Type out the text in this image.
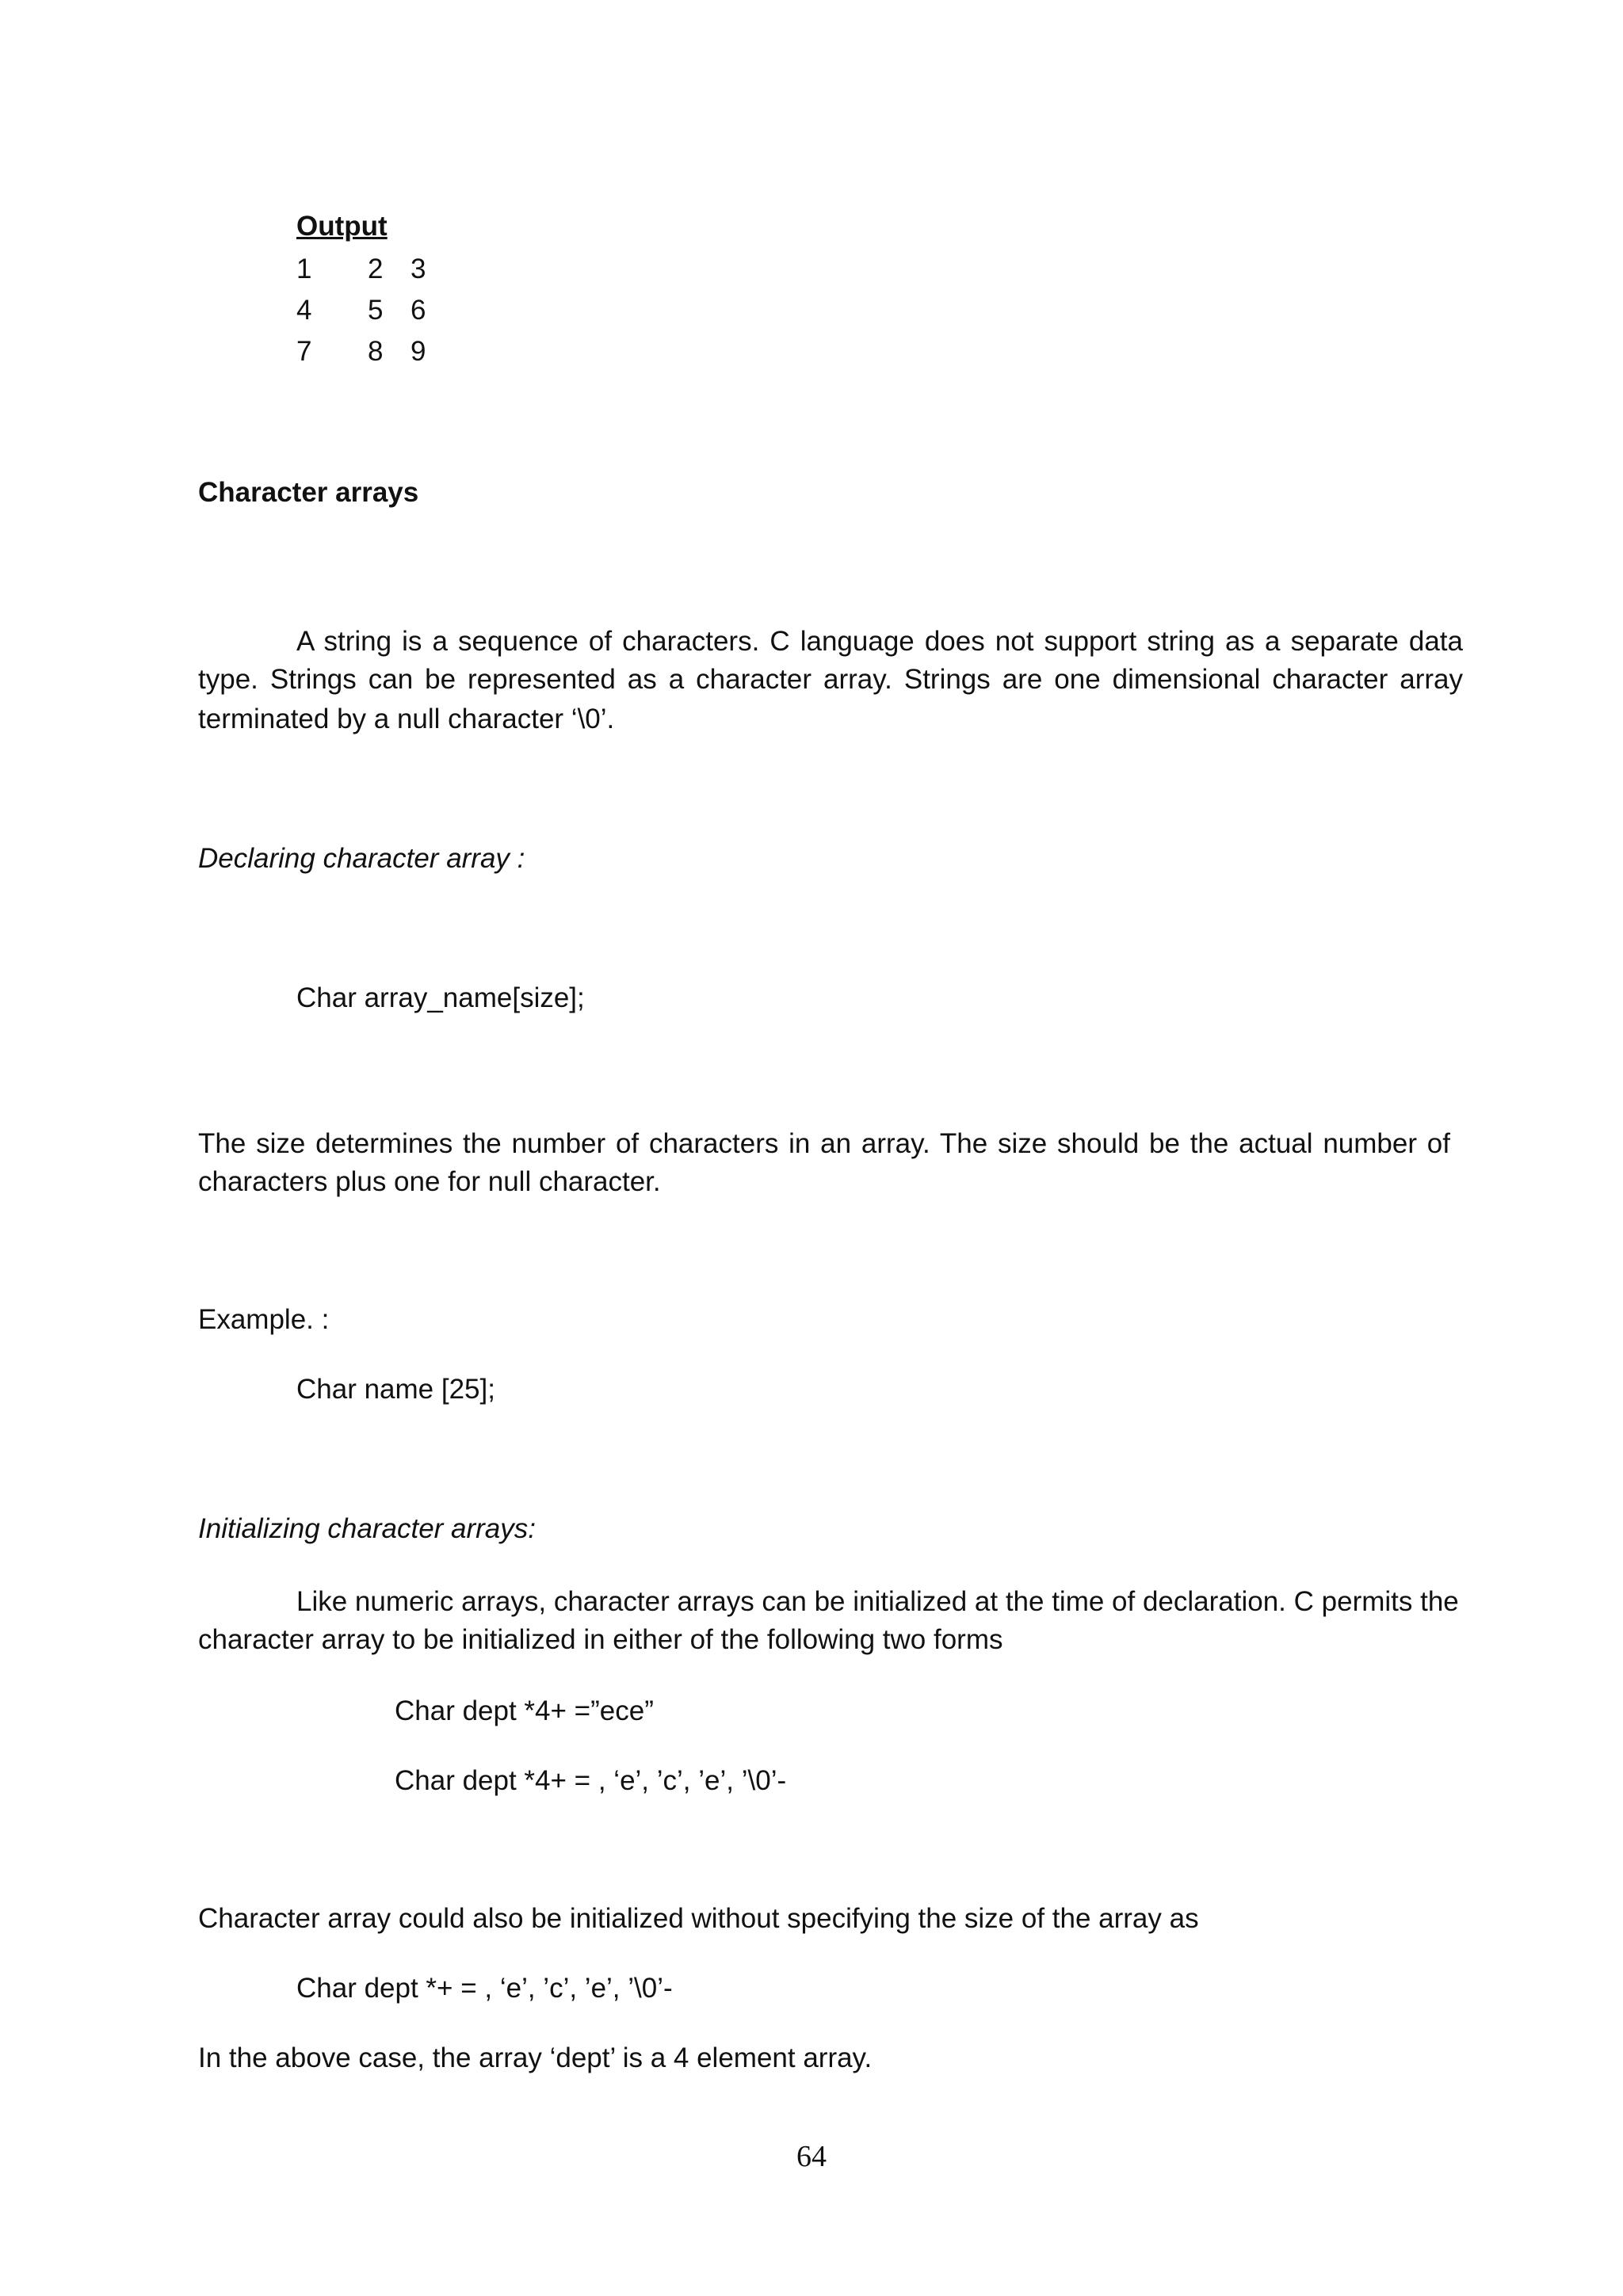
Output
1 2 3
4 5 6
7 8 9
Character arrays
A string is a sequence of characters. C language does not support string as a separate data
type. Strings can be represented as a character array. Strings are one dimensional character array
terminated by a null character ‘\0’.
Declaring character array :
Char array_name[size];
The size determines the number of characters in an array. The size should be the actual number of
characters plus one for null character.
Example. :
Char name [25];
Initializing character arrays:
Like numeric arrays, character arrays can be initialized at the time of declaration. C permits the
character array to be initialized in either of the following two forms
Char dept *4+ =”ece”
Char dept *4+ = , ‘e’, ’c’, ’e’, ’\0’-
Character array could also be initialized without specifying the size of the array as
Char dept *+ = , ‘e’, ’c’, ’e’, ’\0’-
In the above case, the array ‘dept’ is a 4 element array.
64
